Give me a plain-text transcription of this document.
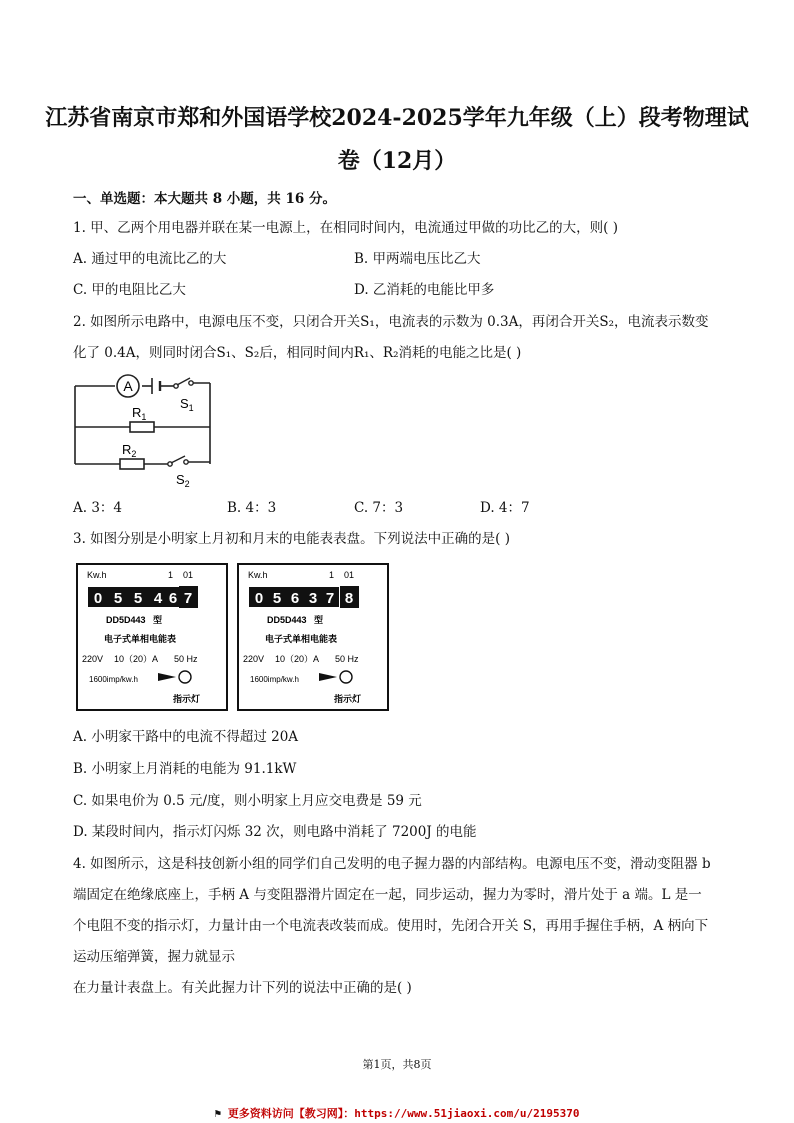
江苏省南京市郑和外国语学校2024-2025学年九年级（上）段考物理试
卷（12月）
一、单选题：本大题共 8 小题，共 16 分。
1. 甲、乙两个用电器并联在某一电源上，在相同时间内，电流通过甲做的功比乙的大，则( )
A. 通过甲的电流比乙的大	B. 甲两端电压比乙大
C. 甲的电阻比乙大	D. 乙消耗的电能比甲多
2. 如图所示电路中，电源电压不变，只闭合开关S₁，电流表的示数为 0.3A，再闭合开关S₂，电流表示数变
化了 0.4A，则同时闭合S₁、S₂后，相同时间内R₁、R₂消耗的电能之比是( )
A
$S_1$
$R_1$
$R_2$
$S_2$
A. 3：4	B. 4：3	C. 7：3	D. 4：7
3. 如图分别是小明家上月初和月末的电能表表盘。下列说法中正确的是( )
Kw.h	1    01
0 5 5 4 6 7
DD5D443   型
电子式单相电能表
220V 10（20）A 50 Hz
1600imp/kw.h
指示灯
Kw.h	1    01
0 5 6 3 7 8
DD5D443   型
电子式单相电能表
220V 10（20）A 50 Hz
1600imp/kw.h
指示灯
A. 小明家干路中的电流不得超过 20A
B. 小明家上月消耗的电能为 91.1kW
C. 如果电价为 0.5 元/度，则小明家上月应交电费是 59 元
D. 某段时间内，指示灯闪烁 32 次，则电路中消耗了 7200J 的电能
4. 如图所示，这是科技创新小组的同学们自己发明的电子握力器的内部结构。电源电压不变，滑动变阻器 b
端固定在绝缘底座上，手柄 A 与变阻器滑片固定在一起，同步运动，握力为零时，滑片处于 a 端。L 是一
个电阻不变的指示灯，力量计由一个电流表改装而成。使用时，先闭合开关 S，再用手握住手柄，A 柄向下
运动压缩弹簧，握力就显示
在力量计表盘上。有关此握力计下列的说法中正确的是( )
第1页，共8页
⚑ 更多资料访问【教习网】：https://www.51jiaoxi.com/u/2195370
